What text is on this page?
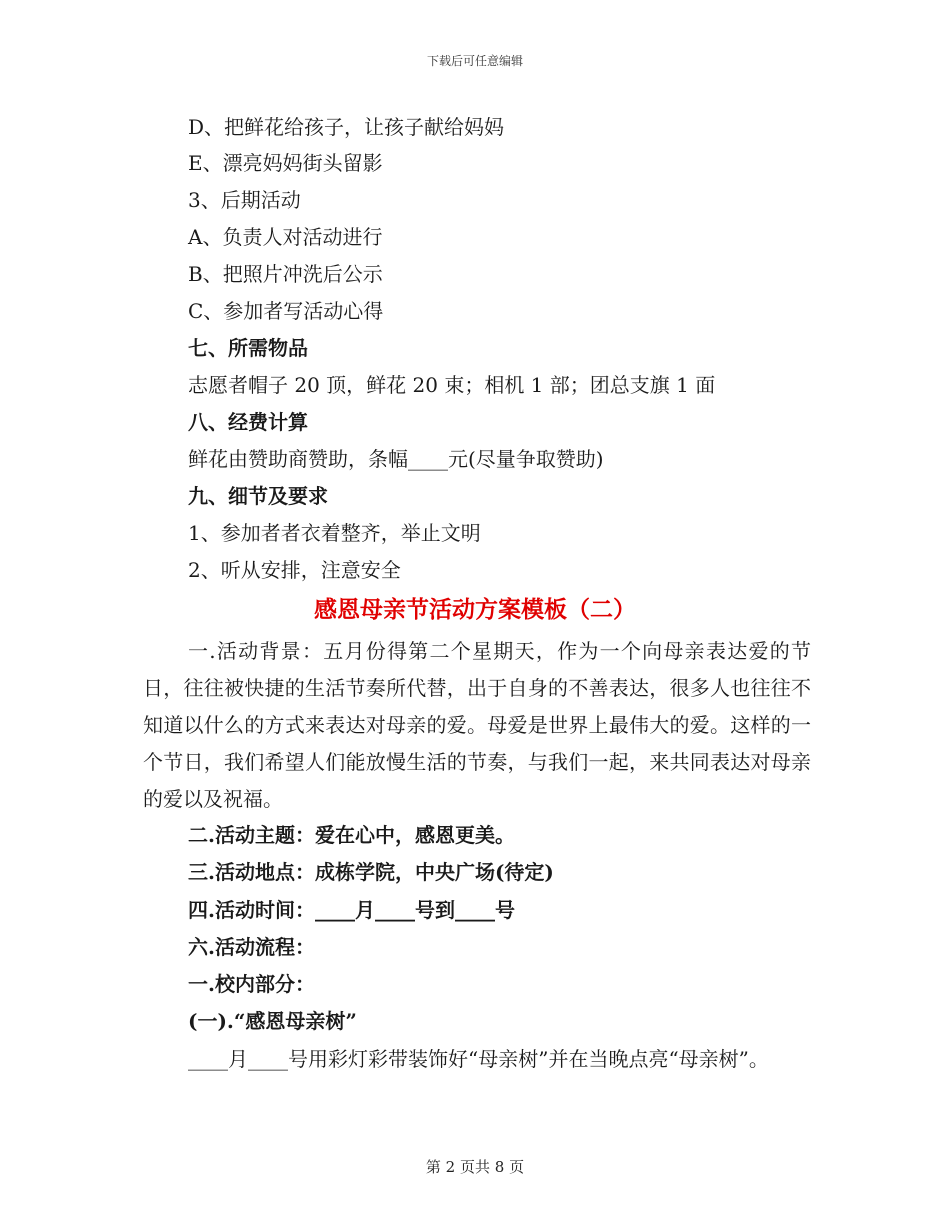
下载后可任意编辑
D、把鲜花给孩子，让孩子献给妈妈
E、漂亮妈妈街头留影
3、后期活动
A、负责人对活动进行
B、把照片冲洗后公示
C、参加者写活动心得
七、所需物品
志愿者帽子 20 顶，鲜花 20 束；相机 1 部；团总支旗 1 面
八、经费计算
鲜花由赞助商赞助，条幅____元(尽量争取赞助)
九、细节及要求
1、参加者者衣着整齐，举止文明
2、听从安排，注意安全
感恩母亲节活动方案模板（二）
一.活动背景：五月份得第二个星期天，作为一个向母亲表达爱的节日，往往被快捷的生活节奏所代替，出于自身的不善表达，很多人也往往不知道以什么的方式来表达对母亲的爱。母爱是世界上最伟大的爱。这样的一个节日，我们希望人们能放慢生活的节奏，与我们一起，来共同表达对母亲的爱以及祝福。
二.活动主题：爱在心中，感恩更美。
三.活动地点：成栋学院，中央广场(待定)
四.活动时间：____月____号到____号
六.活动流程：
一.校内部分：
(一).“感恩母亲树”
____月____号用彩灯彩带装饰好“母亲树”并在当晚点亮“母亲树”。
第 2 页共 8 页
